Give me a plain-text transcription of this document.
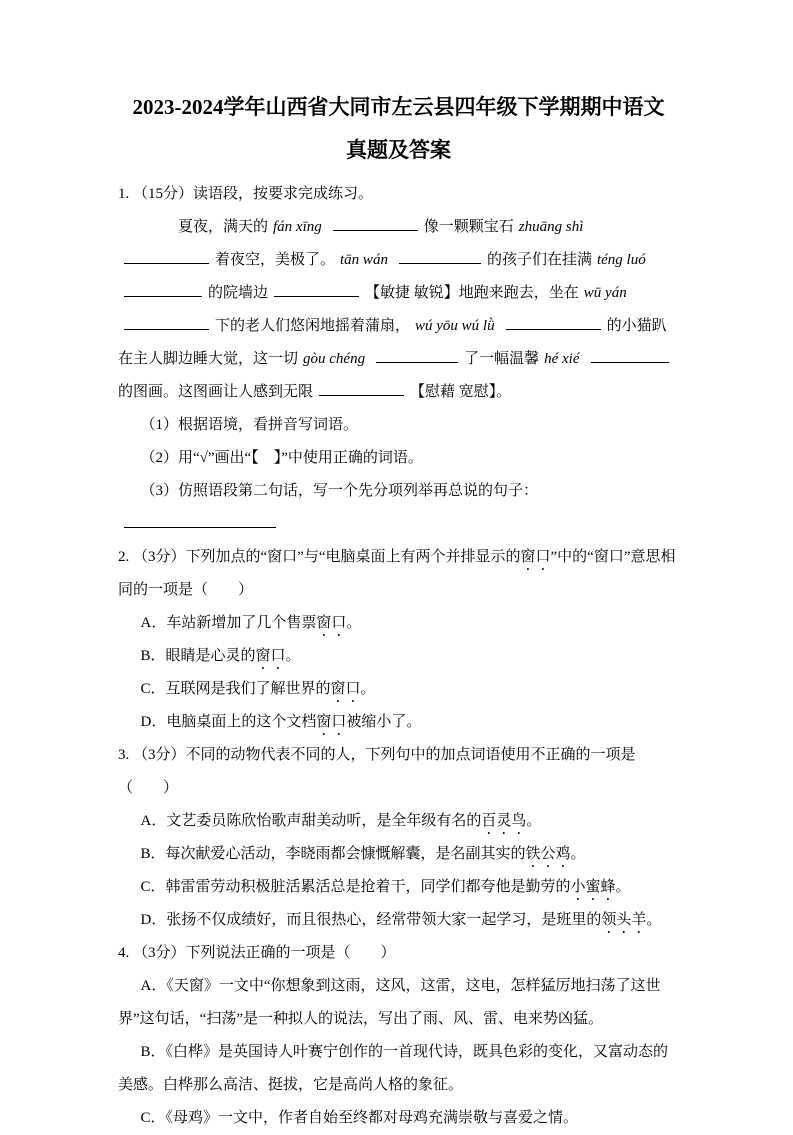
2023-2024学年山西省大同市左云县四年级下学期期中语文
真题及答案

1. （15分）读语段，按要求完成练习。

夏夜，满天的 fán xīng	像一颗颗宝石 zhuāng shì着夜空，美极了。 tān wán	的孩子们在挂满 téng luó的院墙边	【敏捷 敏锐】地跑来跑去，坐在 wū yán下的老人们悠闲地摇着蒲扇， wú yōu wú lǜ	的小猫趴在主人脚边睡大觉，这一切 gòu chéng	了一幅温馨 hé xié的图画。这图画让人感到无限	【慰藉 宽慰】。

（1）根据语境，看拼音写词语。

（2）用“√”画出“【　】”中使用正确的词语。

（3）仿照语段第二句话，写一个先分项列举再总说的句子：

2. （3分）下列加点的“窗口”与“电脑桌面上有两个并排显示的窗口”中的“窗口”意思相同的一项是（　　）

A．车站新增加了几个售票窗口。

B．眼睛是心灵的窗口。

C．互联网是我们了解世界的窗口。

D．电脑桌面上的这个文档窗口被缩小了。

3. （3分）不同的动物代表不同的人，下列句中的加点词语使用不正确的一项是（　　）

A．文艺委员陈欣怡歌声甜美动听，是全年级有名的百灵鸟。

B．每次献爱心活动，李晓雨都会慷慨解囊，是名副其实的铁公鸡。

C．韩雷雷劳动积极脏活累活总是抢着干，同学们都夸他是勤劳的小蜜蜂。

D．张扬不仅成绩好，而且很热心，经常带领大家一起学习，是班里的领头羊。

4. （3分）下列说法正确的一项是（　　）

A．《天窗》一文中“你想象到这雨，这风，这雷，这电，怎样猛厉地扫荡了这世界”这句话，“扫荡”是一种拟人的说法，写出了雨、风、雷、电来势凶猛。

B．《白桦》是英国诗人叶赛宁创作的一首现代诗，既具色彩的变化，又富动态的美感。白桦那么高洁、挺拔，它是高尚人格的象征。

C．《母鸡》一文中，作者自始至终都对母鸡充满崇敬与喜爱之情。
